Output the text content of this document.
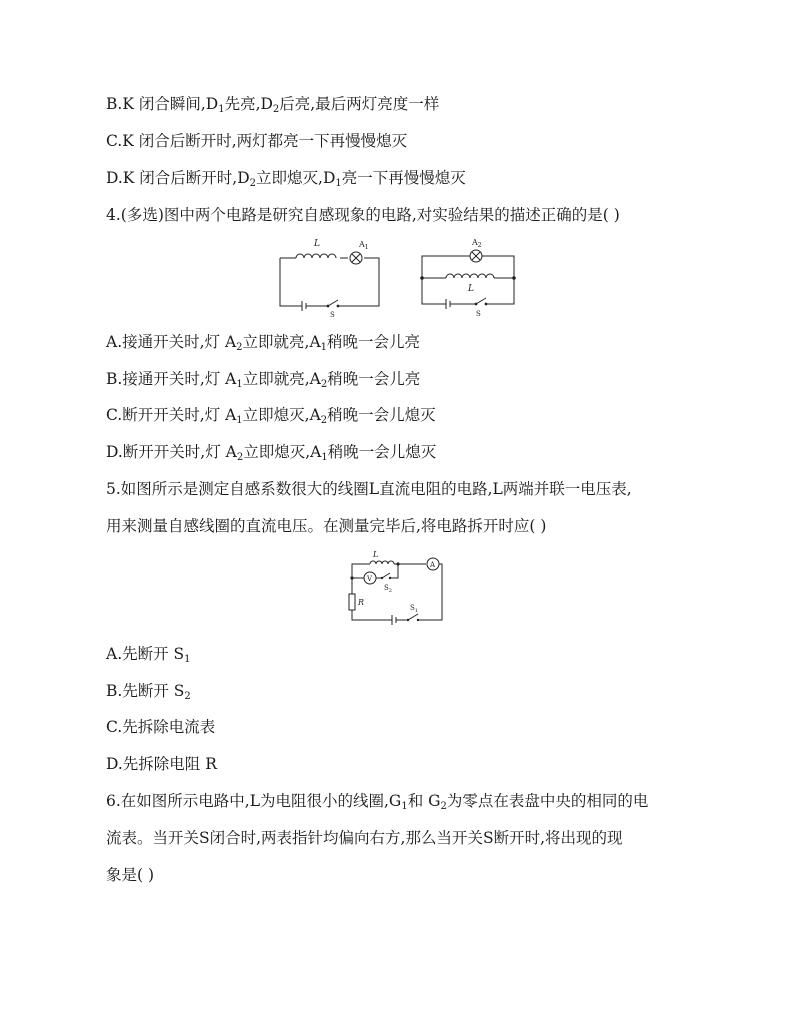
B.K 闭合瞬间$,D_1$先亮$,D_2$后亮,最后两灯亮度一样
C.K 闭合后断开时,两灯都亮一下再慢慢熄灭
D.K 闭合后断开时$,D_2$立即熄灭$,D_1$亮一下再慢慢熄灭
4.(多选)图中两个电路是研究自感现象的电路,对实验结果的描述正确的是( )
L	$A_1$
S
$A_2$
L
S
A.接通开关时,灯 $A_2$立即就亮$,A_1$稍晚一会儿亮
B.接通开关时,灯 $A_1$立即就亮$,A_2$稍晚一会儿亮
C.断开开关时,灯 $A_1$立即熄灭$,A_2$稍晚一会儿熄灭
D.断开开关时,灯 $A_2$立即熄灭$,A_1$稍晚一会儿熄灭
5.如图所示是测定自感系数很大的线圈L直流电阻的电路,L两端并联一电压表,
用来测量自感线圈的直流电压。在测量完毕后,将电路拆开时应( )
L
V
A
R
$S_2$
$S_1$
A.先断开 $S_1$
B.先断开 $S_2$
C.先拆除电流表
D.先拆除电阻 R
6.在如图所示电路中,L为电阻很小的线圈$,G_1$和 $G_2$为零点在表盘中央的相同的电
流表。当开关S闭合时,两表指针均偏向右方,那么当开关S断开时,将出现的现
象是( )
